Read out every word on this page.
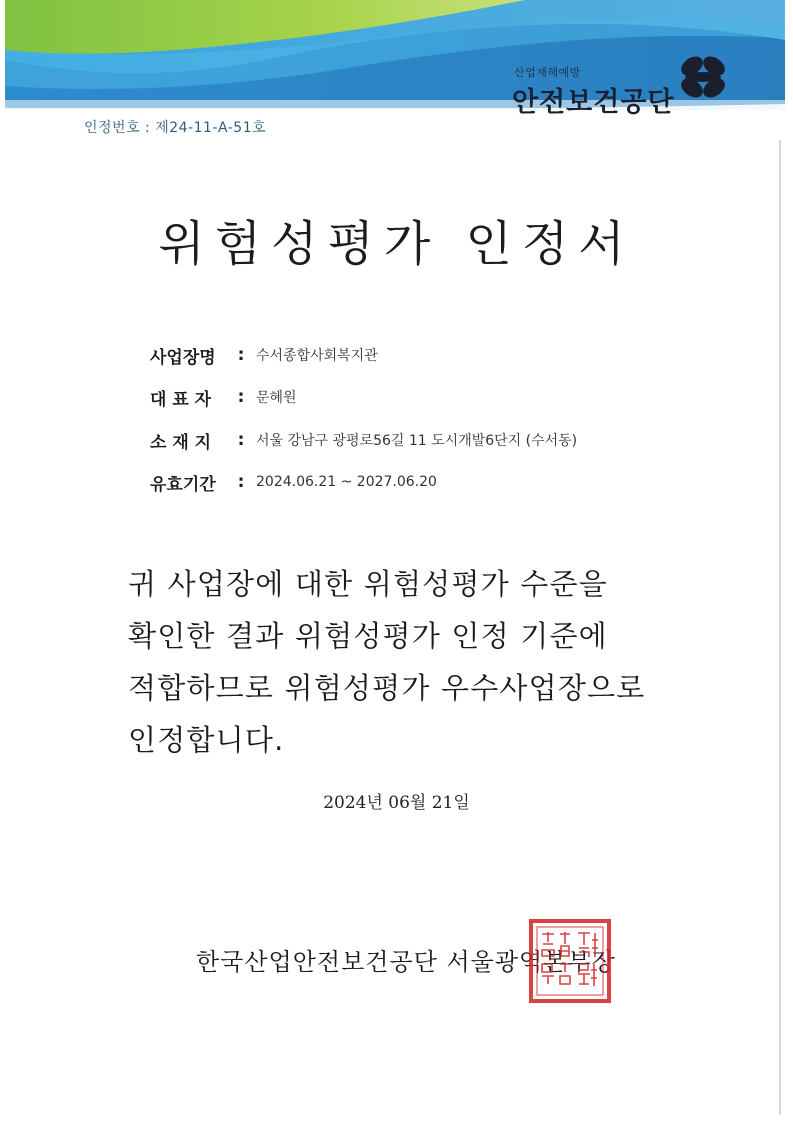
인정번호 : 제24-11-A-51호
산업재해예방
안전보건공단
위험성평가 인정서
사업장명	: 수서종합사회복지관
대 표 자	: 문혜원
소 재 지	: 서울 강남구 광평로56길 11 도시개발6단지 (수서동)
유효기간	: 2024.06.21 ~ 2027.06.20
귀 사업장에 대한 위험성평가 수준을
확인한 결과 위험성평가 인정 기준에
적합하므로 위험성평가 우수사업장으로
인정합니다.
2024년 06월 21일
한국산업안전보건공단 서울광역본부장
